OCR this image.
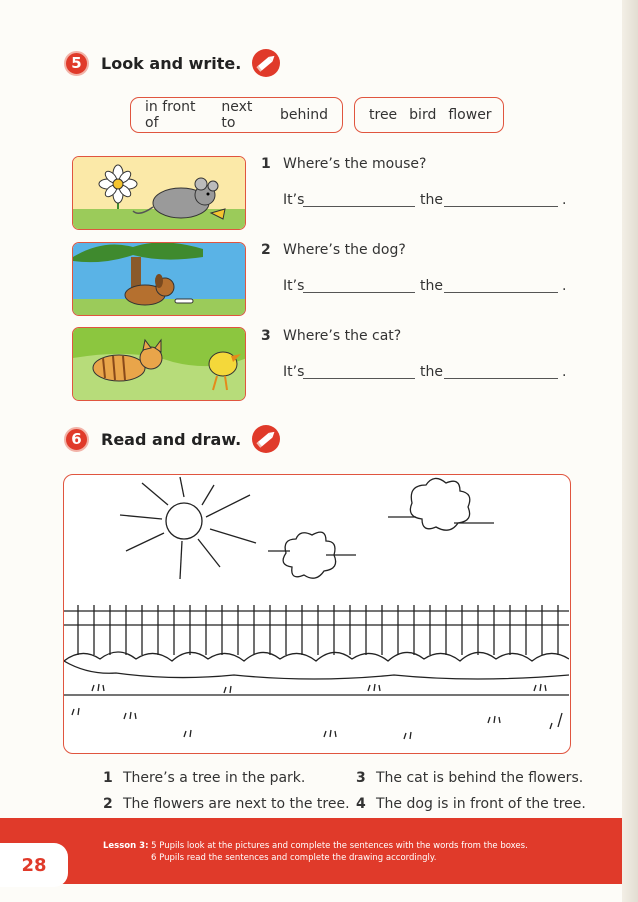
5	Look and write.
in front of
next to	behind	tree bird flower
1 Where’s the mouse?
It’s	the	.
2 Where’s the dog?
It’s	the	.
3 Where’s the cat?
It’s	the	.
6	Read and draw.
1 There’s a tree in the park.
2 The flowers are next to the tree.
3 The cat is behind the flowers.
4 The dog is in front of the tree.
28
Lesson 3: 5 Pupils look at the pictures and complete the sentences with the words from the boxes.
6 Pupils read the sentences and complete the drawing accordingly.
